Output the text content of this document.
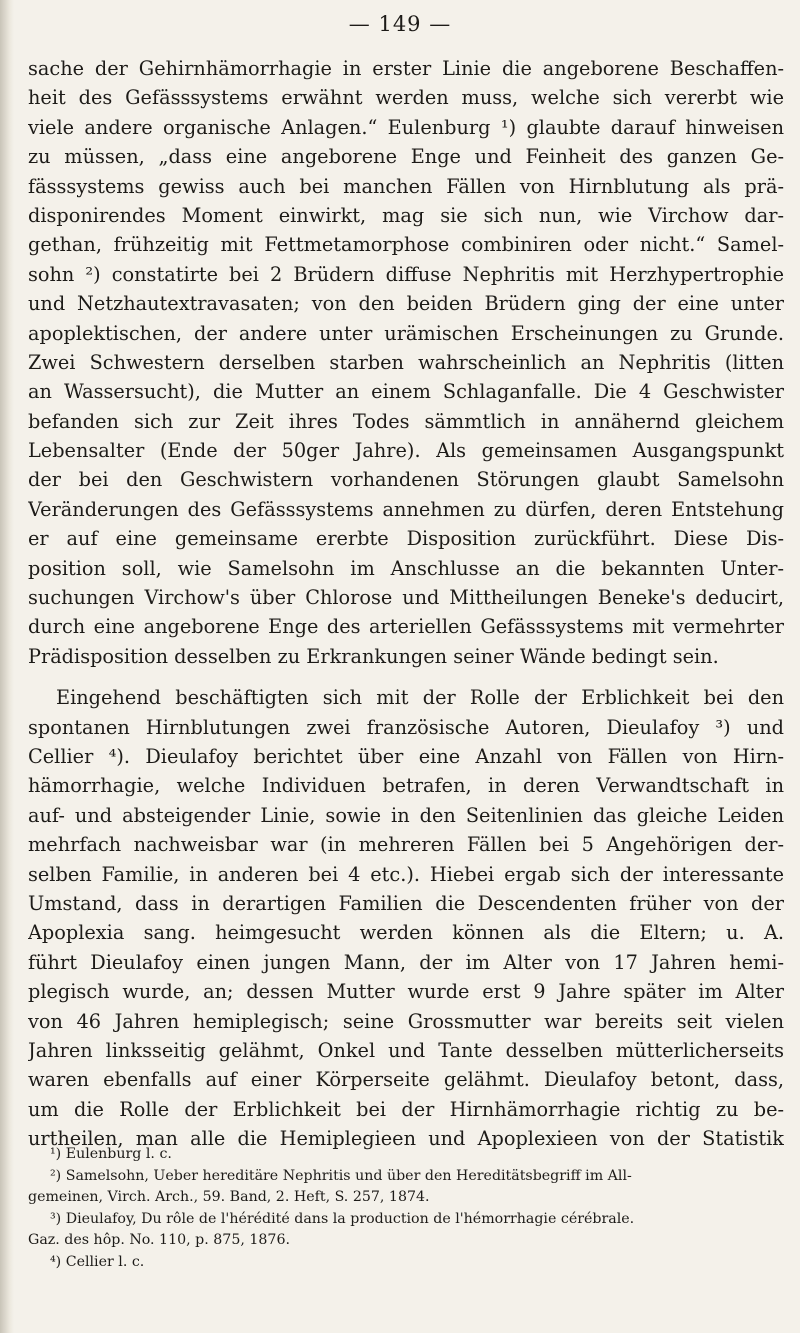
— 149 —
sache der Gehirnhämorrhagie in erster Linie die angeborene Beschaffen-
heit des Gefässsystems erwähnt werden muss, welche sich vererbt wie
viele andere organische Anlagen.“ Eulenburg ¹) glaubte darauf hinweisen
zu müssen, „dass eine angeborene Enge und Feinheit des ganzen Ge-
fässsystems gewiss auch bei manchen Fällen von Hirnblutung als prä-
disponirendes Moment einwirkt, mag sie sich nun, wie Virchow dar-
gethan, frühzeitig mit Fettmetamorphose combiniren oder nicht.“ Samel-
sohn ²) constatirte bei 2 Brüdern diffuse Nephritis mit Herzhypertrophie
und Netzhautextravasaten; von den beiden Brüdern ging der eine unter
apoplektischen, der andere unter urämischen Erscheinungen zu Grunde.
Zwei Schwestern derselben starben wahrscheinlich an Nephritis (litten
an Wassersucht), die Mutter an einem Schlaganfalle. Die 4 Geschwister
befanden sich zur Zeit ihres Todes sämmtlich in annähernd gleichem
Lebensalter (Ende der 50ger Jahre). Als gemeinsamen Ausgangspunkt
der bei den Geschwistern vorhandenen Störungen glaubt Samelsohn
Veränderungen des Gefässsystems annehmen zu dürfen, deren Entstehung
er auf eine gemeinsame ererbte Disposition zurückführt. Diese Dis-
position soll, wie Samelsohn im Anschlusse an die bekannten Unter-
suchungen Virchow's über Chlorose und Mittheilungen Beneke's deducirt,
durch eine angeborene Enge des arteriellen Gefässsystems mit vermehrter
Prädisposition desselben zu Erkrankungen seiner Wände bedingt sein.
Eingehend beschäftigten sich mit der Rolle der Erblichkeit bei den
spontanen Hirnblutungen zwei französische Autoren, Dieulafoy ³) und
Cellier ⁴). Dieulafoy berichtet über eine Anzahl von Fällen von Hirn-
hämorrhagie, welche Individuen betrafen, in deren Verwandtschaft in
auf- und absteigender Linie, sowie in den Seitenlinien das gleiche Leiden
mehrfach nachweisbar war (in mehreren Fällen bei 5 Angehörigen der-
selben Familie, in anderen bei 4 etc.). Hiebei ergab sich der interessante
Umstand, dass in derartigen Familien die Descendenten früher von der
Apoplexia sang. heimgesucht werden können als die Eltern; u. A.
führt Dieulafoy einen jungen Mann, der im Alter von 17 Jahren hemi-
plegisch wurde, an; dessen Mutter wurde erst 9 Jahre später im Alter
von 46 Jahren hemiplegisch; seine Grossmutter war bereits seit vielen
Jahren linksseitig gelähmt, Onkel und Tante desselben mütterlicherseits
waren ebenfalls auf einer Körperseite gelähmt. Dieulafoy betont, dass,
um die Rolle der Erblichkeit bei der Hirnhämorrhagie richtig zu be-
urtheilen, man alle die Hemiplegieen und Apoplexieen von der Statistik
¹) Eulenburg l. c.
²) Samelsohn, Ueber hereditäre Nephritis und über den Hereditätsbegriff im All-
gemeinen, Virch. Arch., 59. Band, 2. Heft, S. 257, 1874.
³) Dieulafoy, Du rôle de l'hérédité dans la production de l'hémorrhagie cérébrale.
Gaz. des hôp. No. 110, p. 875, 1876.
⁴) Cellier l. c.
